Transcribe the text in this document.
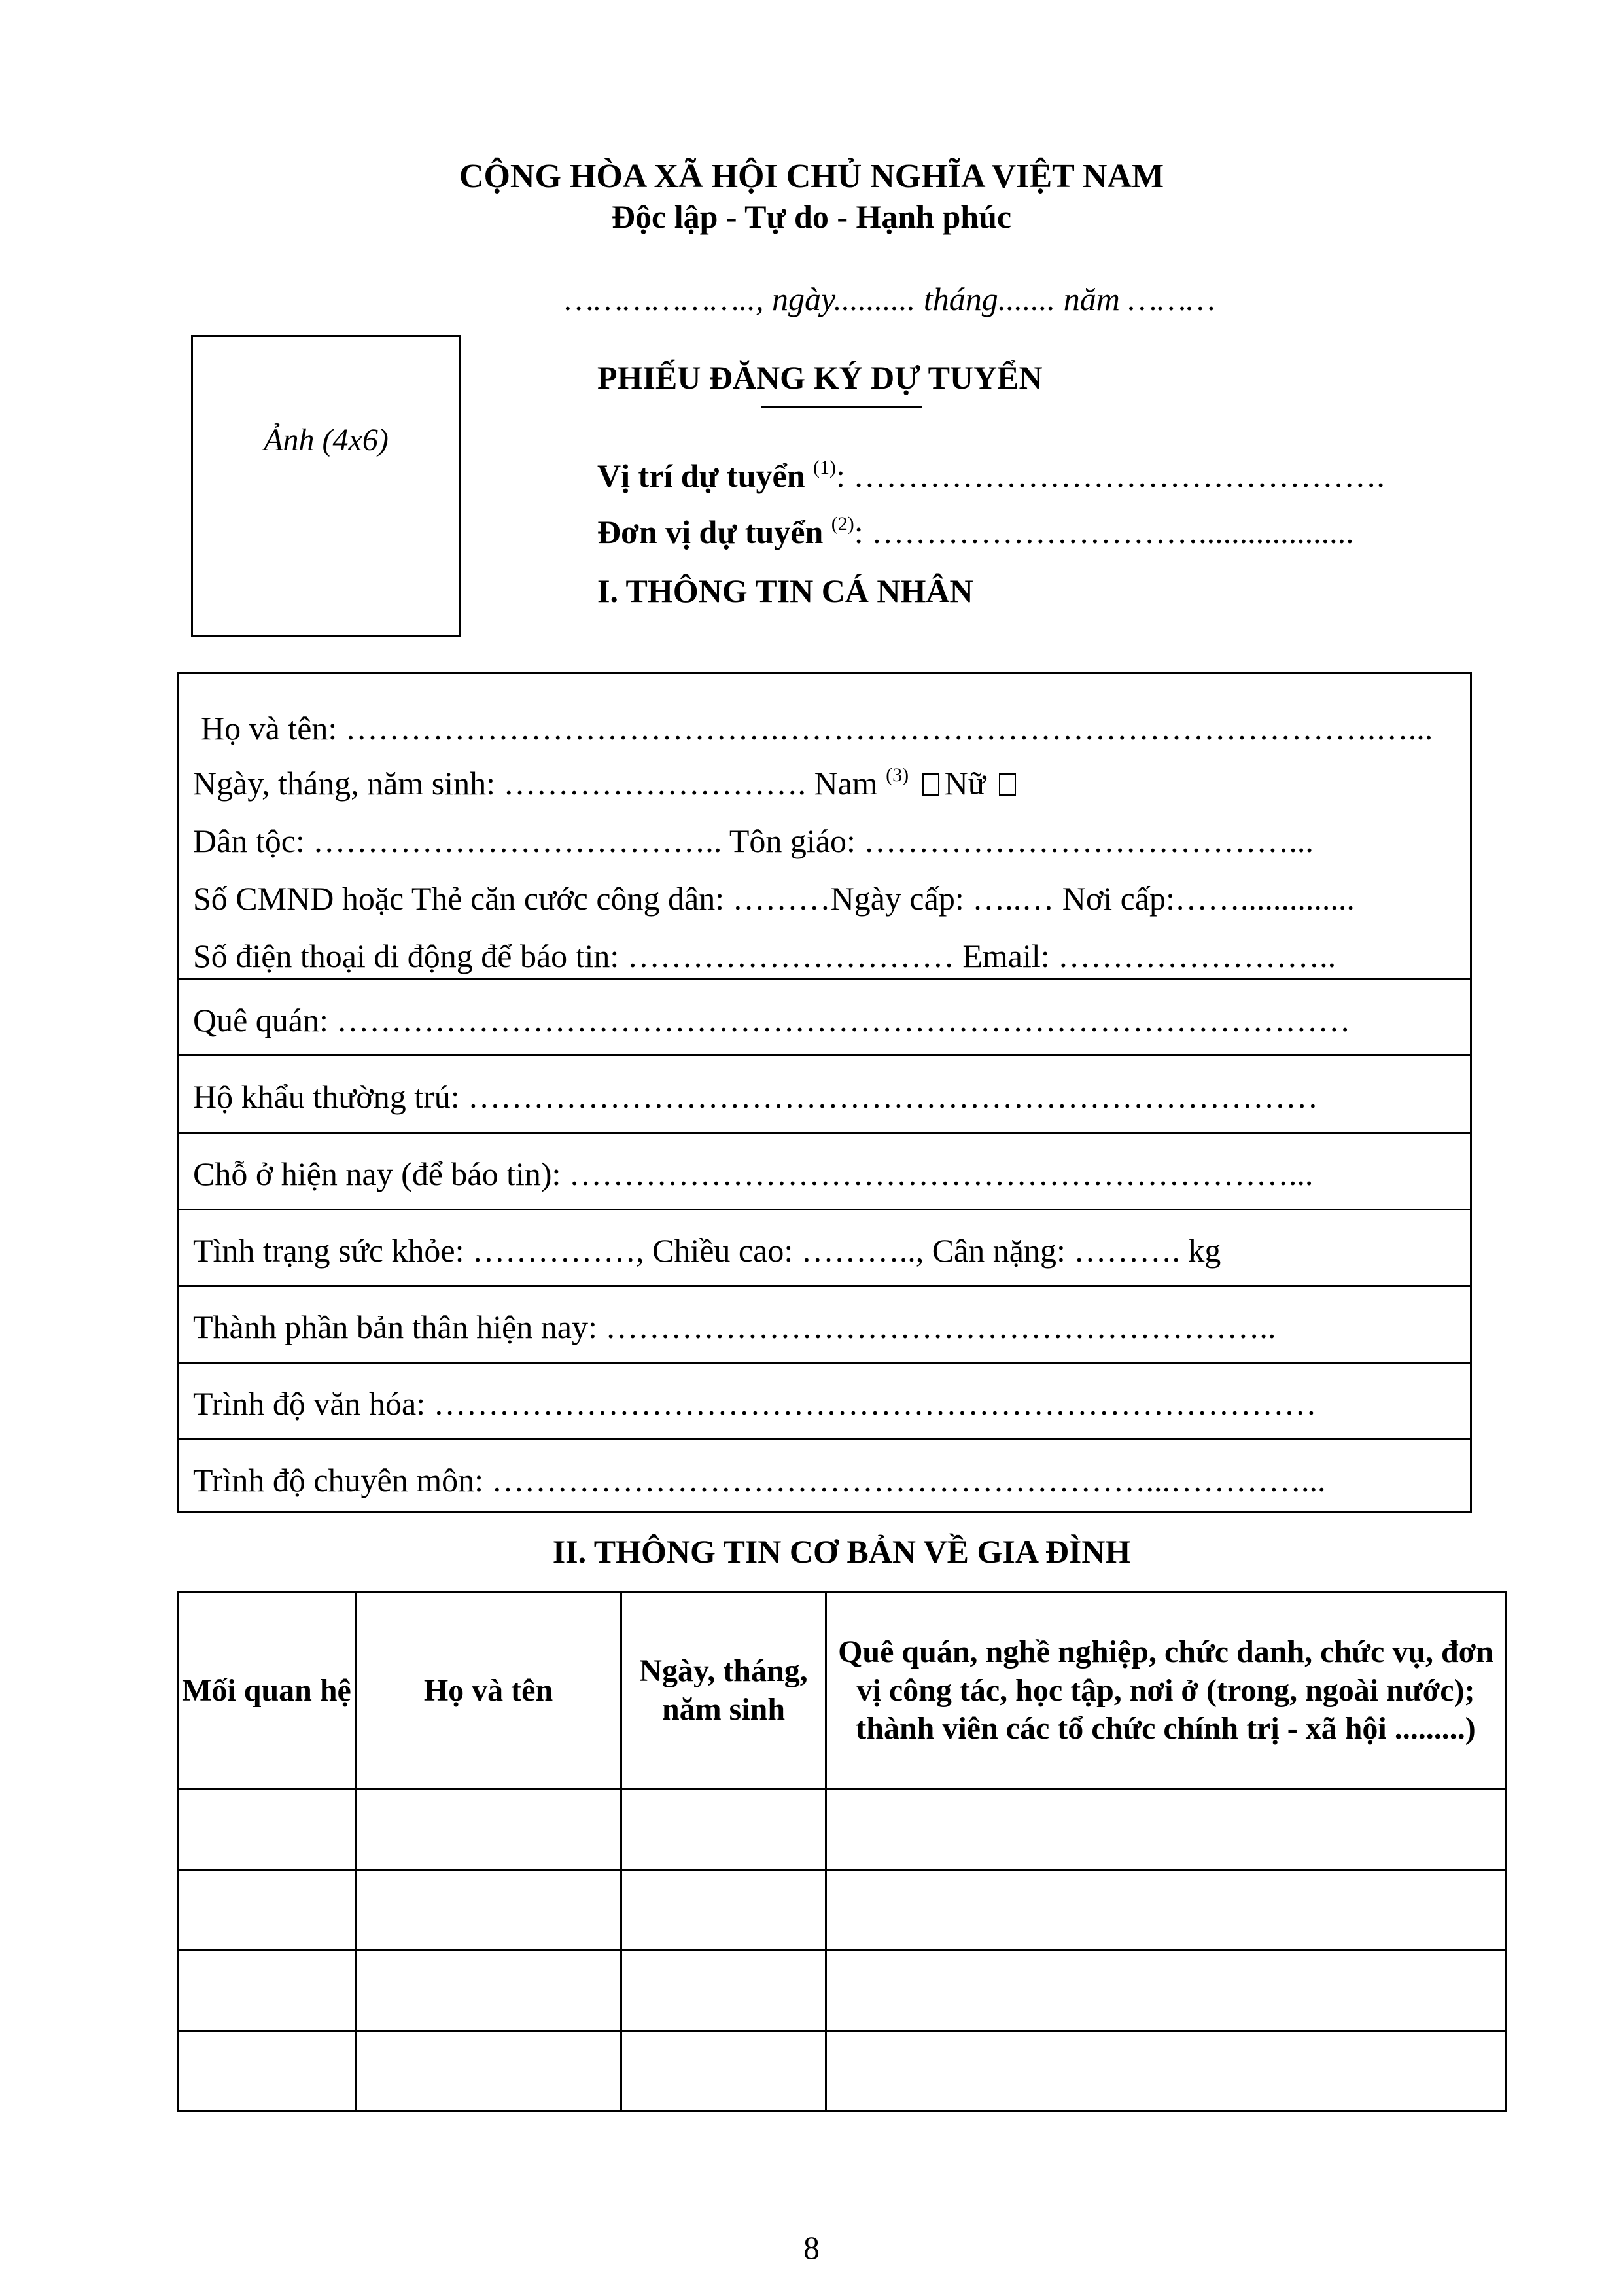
CỘNG HÒA XÃ HỘI CHỦ NGHĨA VIỆT NAM
Độc lập - Tự do - Hạnh phúc
……………….., ngày.......... tháng....... năm ………
Ảnh (4x6)
PHIẾU ĐĂNG KÝ DỰ TUYỂN
Vị trí dự tuyển $^{(1)}$: ………………………………………….
Đơn vị dự tuyển $^{(2)}$: …………………………...................
I. THÔNG TIN CÁ NHÂN
Họ và tên: ………………………………….……………………………………………….…...
Ngày, tháng, năm sinh: ………………………. Nam $^{(3)}$ Nữ
Dân tộc: ……………………………….. Tôn giáo: …………………………………...
Số CMND hoặc Thẻ căn cước công dân: ………Ngày cấp: …..… Nơi cấp:……..............
Số điện thoại di động để báo tin: ………………………… Email: ……………………..
Quê quán: …………………………………………………………………………………
Hộ khẩu thường trú: ……………………………………………………………………
Chỗ ở hiện nay (để báo tin): …………………………………………………………...
Tình trạng sức khỏe: ……………, Chiều cao: ……….., Cân nặng: ………. kg
Thành phần bản thân hiện nay: ……………………………………………………..
Trình độ văn hóa: ………………………………………………………………………
Trình độ chuyên môn: ……………………………………………………...…………...
II. THÔNG TIN CƠ BẢN VỀ GIA ĐÌNH
Mối quan hệ	Họ và tên	Ngày, tháng, năm sinh	Quê quán, nghề nghiệp, chức danh, chức vụ, đơn vị công tác, học tập, nơi ở (trong, ngoài nước); thành viên các tổ chức chính trị - xã hội .........)

8
